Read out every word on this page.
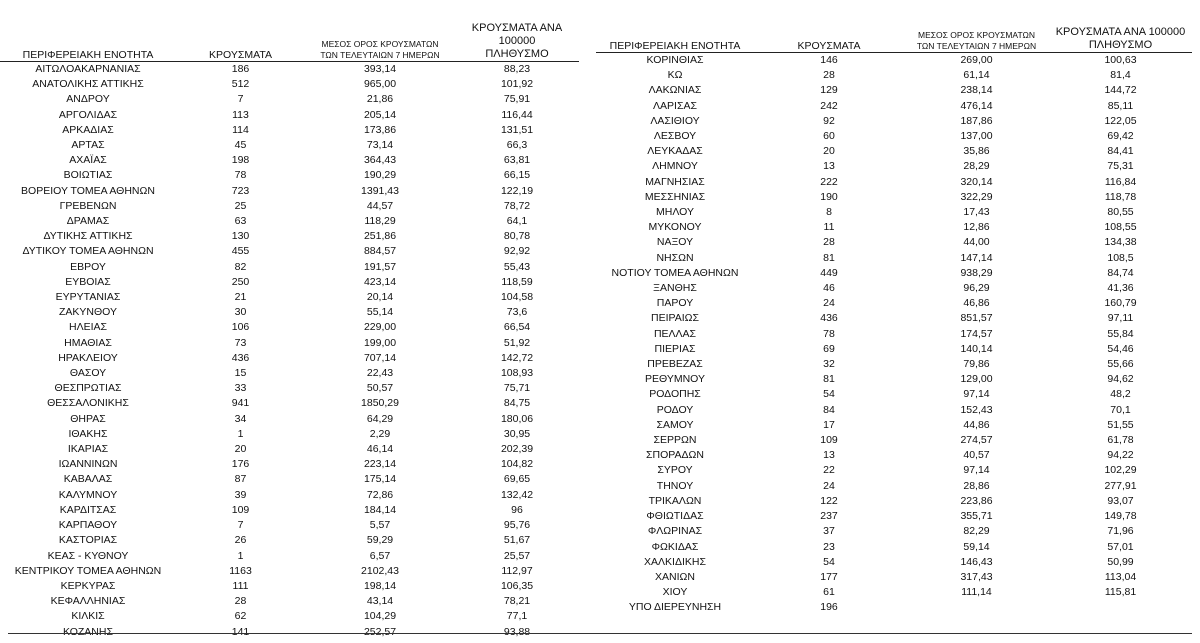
ΠΕΡΙΦΕΡΕΙΑΚΗ ΕΝΟΤΗΤΑ	ΚΡΟΥΣΜΑΤΑ	ΜΕΣΟΣ ΟΡΟΣ ΚΡΟΥΣΜΑΤΩΝ
ΤΩΝ ΤΕΛΕΥΤΑΙΩΝ 7 ΗΜΕΡΩΝ	ΚΡΟΥΣΜΑΤΑ ΑΝΑ 100000
ΠΛΗΘΥΣΜΟ

ΑΙΤΩΛΟΑΚΑΡΝΑΝΙΑΣ	186	393,14	88,23
ΑΝΑΤΟΛΙΚΗΣ ΑΤΤΙΚΗΣ	512	965,00	101,92
ΑΝΔΡΟΥ	7	21,86	75,91
ΑΡΓΟΛΙΔΑΣ	113	205,14	116,44
ΑΡΚΑΔΙΑΣ	114	173,86	131,51
ΑΡΤΑΣ	45	73,14	66,3
ΑΧΑΪΑΣ	198	364,43	63,81
ΒΟΙΩΤΙΑΣ	78	190,29	66,15
ΒΟΡΕΙΟΥ ΤΟΜΕΑ ΑΘΗΝΩΝ	723	1391,43	122,19
ΓΡΕΒΕΝΩΝ	25	44,57	78,72
ΔΡΑΜΑΣ	63	118,29	64,1
ΔΥΤΙΚΗΣ ΑΤΤΙΚΗΣ	130	251,86	80,78
ΔΥΤΙΚΟΥ ΤΟΜΕΑ ΑΘΗΝΩΝ	455	884,57	92,92
ΕΒΡΟΥ	82	191,57	55,43
ΕΥΒΟΙΑΣ	250	423,14	118,59
ΕΥΡΥΤΑΝΙΑΣ	21	20,14	104,58
ΖΑΚΥΝΘΟΥ	30	55,14	73,6
ΗΛΕΙΑΣ	106	229,00	66,54
ΗΜΑΘΙΑΣ	73	199,00	51,92
ΗΡΑΚΛΕΙΟΥ	436	707,14	142,72
ΘΑΣΟΥ	15	22,43	108,93
ΘΕΣΠΡΩΤΙΑΣ	33	50,57	75,71
ΘΕΣΣΑΛΟΝΙΚΗΣ	941	1850,29	84,75
ΘΗΡΑΣ	34	64,29	180,06
ΙΘΑΚΗΣ	1	2,29	30,95
ΙΚΑΡΙΑΣ	20	46,14	202,39
ΙΩΑΝΝΙΝΩΝ	176	223,14	104,82
ΚΑΒΑΛΑΣ	87	175,14	69,65
ΚΑΛΥΜΝΟΥ	39	72,86	132,42
ΚΑΡΔΙΤΣΑΣ	109	184,14	96
ΚΑΡΠΑΘΟΥ	7	5,57	95,76
ΚΑΣΤΟΡΙΑΣ	26	59,29	51,67
ΚΕΑΣ - ΚΥΘΝΟΥ	1	6,57	25,57
ΚΕΝΤΡΙΚΟΥ ΤΟΜΕΑ ΑΘΗΝΩΝ	1163	2102,43	112,97
ΚΕΡΚΥΡΑΣ	111	198,14	106,35
ΚΕΦΑΛΛΗΝΙΑΣ	28	43,14	78,21
ΚΙΛΚΙΣ	62	104,29	77,1
ΚΟΖΑΝΗΣ	141	252,57	93,88
ΠΕΡΙΦΕΡΕΙΑΚΗ ΕΝΟΤΗΤΑ	ΚΡΟΥΣΜΑΤΑ	ΜΕΣΟΣ ΟΡΟΣ ΚΡΟΥΣΜΑΤΩΝ
ΤΩΝ ΤΕΛΕΥΤΑΙΩΝ 7 ΗΜΕΡΩΝ	ΚΡΟΥΣΜΑΤΑ ΑΝΑ 100000
ΠΛΗΘΥΣΜΟ

ΚΟΡΙΝΘΙΑΣ	146	269,00	100,63
ΚΩ	28	61,14	81,4
ΛΑΚΩΝΙΑΣ	129	238,14	144,72
ΛΑΡΙΣΑΣ	242	476,14	85,11
ΛΑΣΙΘΙΟΥ	92	187,86	122,05
ΛΕΣΒΟΥ	60	137,00	69,42
ΛΕΥΚΑΔΑΣ	20	35,86	84,41
ΛΗΜΝΟΥ	13	28,29	75,31
ΜΑΓΝΗΣΙΑΣ	222	320,14	116,84
ΜΕΣΣΗΝΙΑΣ	190	322,29	118,78
ΜΗΛΟΥ	8	17,43	80,55
ΜΥΚΟΝΟΥ	11	12,86	108,55
ΝΑΞΟΥ	28	44,00	134,38
ΝΗΣΩΝ	81	147,14	108,5
ΝΟΤΙΟΥ ΤΟΜΕΑ ΑΘΗΝΩΝ	449	938,29	84,74
ΞΑΝΘΗΣ	46	96,29	41,36
ΠΑΡΟΥ	24	46,86	160,79
ΠΕΙΡΑΙΩΣ	436	851,57	97,11
ΠΕΛΛΑΣ	78	174,57	55,84
ΠΙΕΡΙΑΣ	69	140,14	54,46
ΠΡΕΒΕΖΑΣ	32	79,86	55,66
ΡΕΘΥΜΝΟΥ	81	129,00	94,62
ΡΟΔΟΠΗΣ	54	97,14	48,2
ΡΟΔΟΥ	84	152,43	70,1
ΣΑΜΟΥ	17	44,86	51,55
ΣΕΡΡΩΝ	109	274,57	61,78
ΣΠΟΡΑΔΩΝ	13	40,57	94,22
ΣΥΡΟΥ	22	97,14	102,29
ΤΗΝΟΥ	24	28,86	277,91
ΤΡΙΚΑΛΩΝ	122	223,86	93,07
ΦΘΙΩΤΙΔΑΣ	237	355,71	149,78
ΦΛΩΡΙΝΑΣ	37	82,29	71,96
ΦΩΚΙΔΑΣ	23	59,14	57,01
ΧΑΛΚΙΔΙΚΗΣ	54	146,43	50,99
ΧΑΝΙΩΝ	177	317,43	113,04
ΧΙΟΥ	61	111,14	115,81
ΥΠΟ ΔΙΕΡΕΥΝΗΣΗ	196		
